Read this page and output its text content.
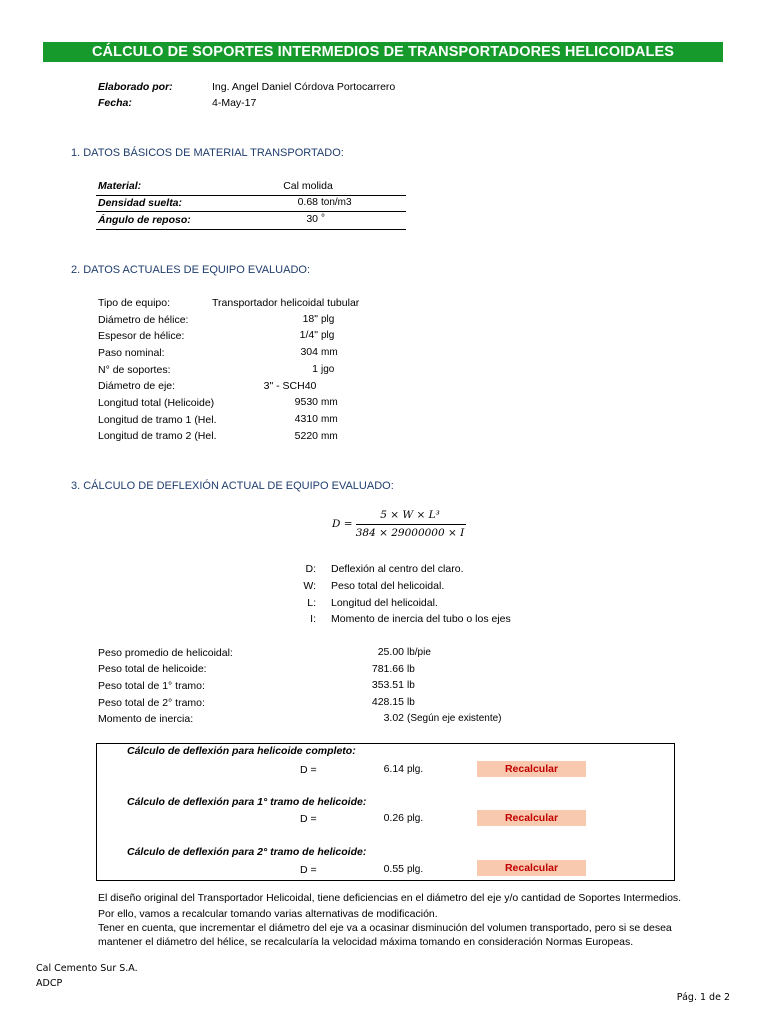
CÁLCULO DE SOPORTES INTERMEDIOS DE TRANSPORTADORES HELICOIDALES
Elaborado por:	Ing. Angel Daniel Córdova Portocarrero
Fecha:	4-May-17
1. DATOS BÁSICOS DE MATERIAL TRANSPORTADO:
Material:	Cal molida
Densidad suelta:	0.68 ton/m3
Ángulo de reposo:	30 °
2. DATOS ACTUALES DE EQUIPO EVALUADO:
Tipo de equipo:	Transportador helicoidal tubular
Diámetro de hélice:	18" plg
Espesor de hélice:	1/4" plg
Paso nominal:	304 mm
N° de soportes:	1 jgo
Diámetro de eje:	3" - SCH40
Longitud total (Helicoide)	9530 mm
Longitud de tramo 1 (Hel.	4310 mm
Longitud de tramo 2 (Hel.	5220 mm
3. CÁLCULO DE DEFLEXIÓN ACTUAL DE EQUIPO EVALUADO:
D =
5 × W × L³
384 × 29000000 × I
D: Deflexión al centro del claro.
W: Peso total del helicoidal.
L: Longitud del helicoidal.
I: Momento de inercia del tubo o los ejes
Peso promedio de helicoidal:	25.00 lb/pie
Peso total de helicoide:	781.66 lb
Peso total de 1° tramo:	353.51 lb
Peso total de 2° tramo:	428.15 lb
Momento de inercia:	3.02 (Según eje existente)
Cálculo de deflexión para helicoide completo:
D =	6.14 plg.	Recalcular
Cálculo de deflexión para 1° tramo de helicoide:
D =	0.26 plg.	Recalcular
Cálculo de deflexión para 2° tramo de helicoide:
D =	0.55 plg.	Recalcular
El diseño original del Transportador Helicoidal, tiene deficiencias en el diámetro del eje y/o cantidad de Soportes Intermedios.
Por ello, vamos a recalcular tomando varias alternativas de modificación.
Tener en cuenta, que incrementar el diámetro del eje va a ocasinar disminución del volumen transportado, pero si se desea
mantener el diámetro del hélice, se recalcularía la velocidad máxima tomando en consideración Normas Europeas.
Cal Cemento Sur S.A.
ADCP
Pág. 1 de 2
